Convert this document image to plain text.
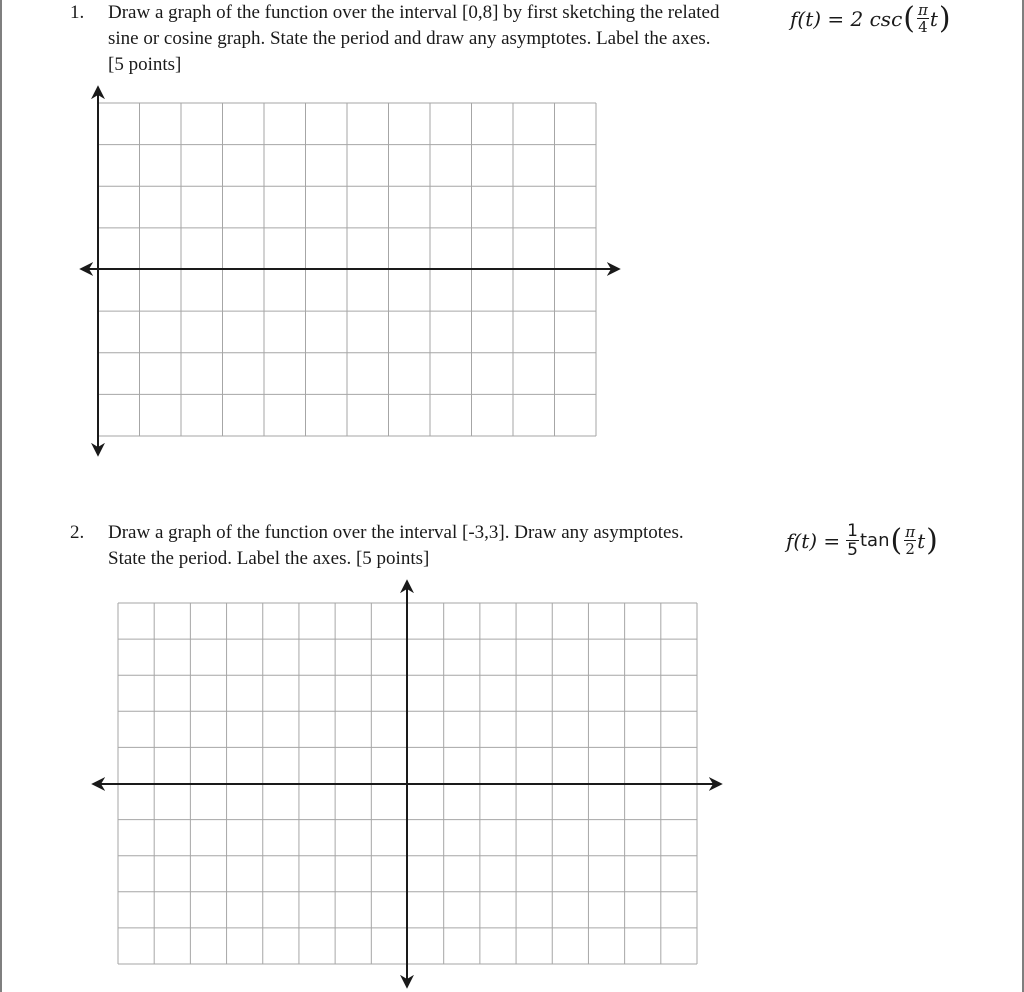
1. Draw a graph of the function over the interval [0,8] by first sketching the related
sine or cosine graph. State the period and draw any asymptotes. Label the axes.
[5 points]
f(t) = 2 csc ( $\frac{\pi}{4}$ t )
2. Draw a graph of the function over the interval [-3,3]. Draw any asymptotes.
State the period. Label the axes. [5 points]
$f(t) = \frac{1}{5}$ tan ( $\frac{\pi}{2}$ t )
